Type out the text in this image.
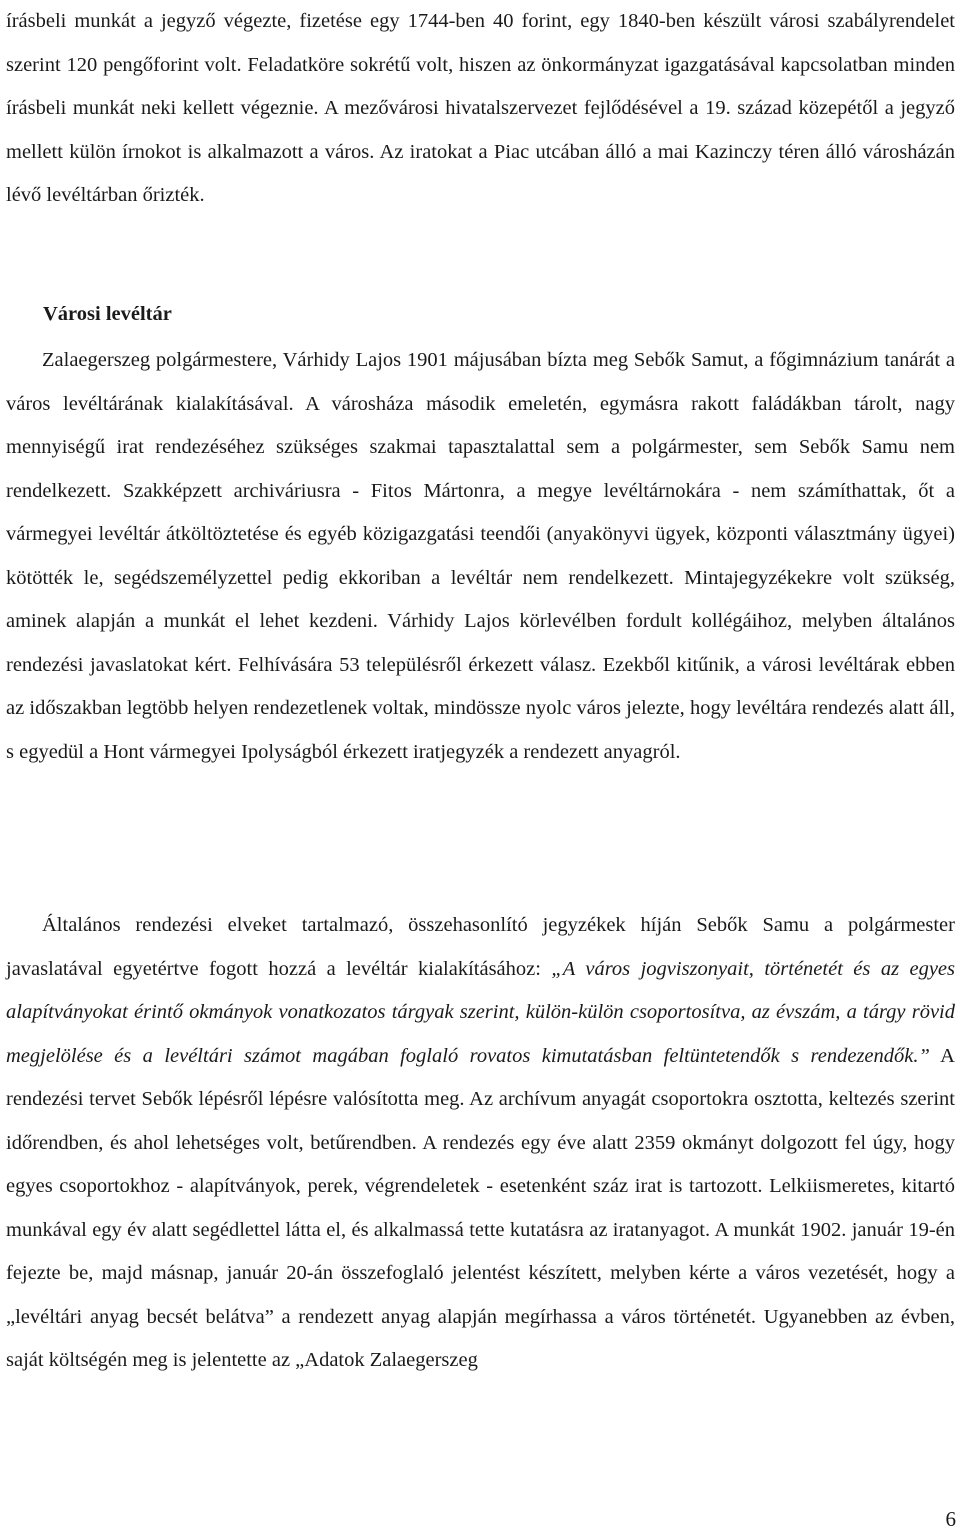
írásbeli munkát a jegyző végezte, fizetése egy 1744-ben 40 forint, egy 1840-ben készült városi szabályrendelet szerint 120 pengőforint volt. Feladatköre sokrétű volt, hiszen az önkormányzat igazgatásával kapcsolatban minden írásbeli munkát neki kellett végeznie. A mezővárosi hivatalszervezet fejlődésével a 19. század közepétől a jegyző mellett külön írnokot is alkalmazott a város. Az iratokat a Piac utcában álló a mai Kazinczy téren álló városházán lévő levéltárban őrizték.

Városi levéltár

Zalaegerszeg polgármestere, Várhidy Lajos 1901 májusában bízta meg Sebők Samut, a főgimnázium tanárát a város levéltárának kialakításával. A városháza második emeletén, egymásra rakott faládákban tárolt, nagy mennyiségű irat rendezéséhez szükséges szakmai tapasztalattal sem a polgármester, sem Sebők Samu nem rendelkezett. Szakképzett archiváriusra - Fitos Mártonra, a megye levéltárnokára - nem számíthattak, őt a vármegyei levéltár átköltöztetése és egyéb közigazgatási teendői (anyakönyvi ügyek, központi választmány ügyei) kötötték le, segédszemélyzettel pedig ekkoriban a levéltár nem rendelkezett. Mintajegyzékekre volt szükség, aminek alapján a munkát el lehet kezdeni. Várhidy Lajos körlevélben fordult kollégáihoz, melyben általános rendezési javaslatokat kért. Felhívására 53 településről érkezett válasz. Ezekből kitűnik, a városi levéltárak ebben az időszakban legtöbb helyen rendezetlenek voltak, mindössze nyolc város jelezte, hogy levéltára rendezés alatt áll, s egyedül a Hont vármegyei Ipolyságból érkezett iratjegyzék a rendezett anyagról.

Általános rendezési elveket tartalmazó, összehasonlító jegyzékek híján Sebők Samu a polgármester javaslatával egyetértve fogott hozzá a levéltár kialakításához: „A város jogviszonyait, történetét és az egyes alapítványokat érintő okmányok vonatkozatos tárgyak szerint, külön-külön csoportosítva, az évszám, a tárgy rövid megjelölése és a levéltári számot magában foglaló rovatos kimutatásban feltüntetendők s rendezendők.” A rendezési tervet Sebők lépésről lépésre valósította meg. Az archívum anyagát csoportokra osztotta, keltezés szerint időrendben, és ahol lehetséges volt, betűrendben. A rendezés egy éve alatt 2359 okmányt dolgozott fel úgy, hogy egyes csoportokhoz - alapítványok, perek, végrendeletek - esetenként száz irat is tartozott. Lelkiismeretes, kitartó munkával egy év alatt segédlettel látta el, és alkalmassá tette kutatásra az iratanyagot. A munkát 1902. január 19-én fejezte be, majd másnap, január 20-án összefoglaló jelentést készített, melyben kérte a város vezetését, hogy a „levéltári anyag becsét belátva” a rendezett anyag alapján megírhassa a város történetét. Ugyanebben az évben, saját költségén meg is jelentette az „Adatok Zalaegerszeg

6
